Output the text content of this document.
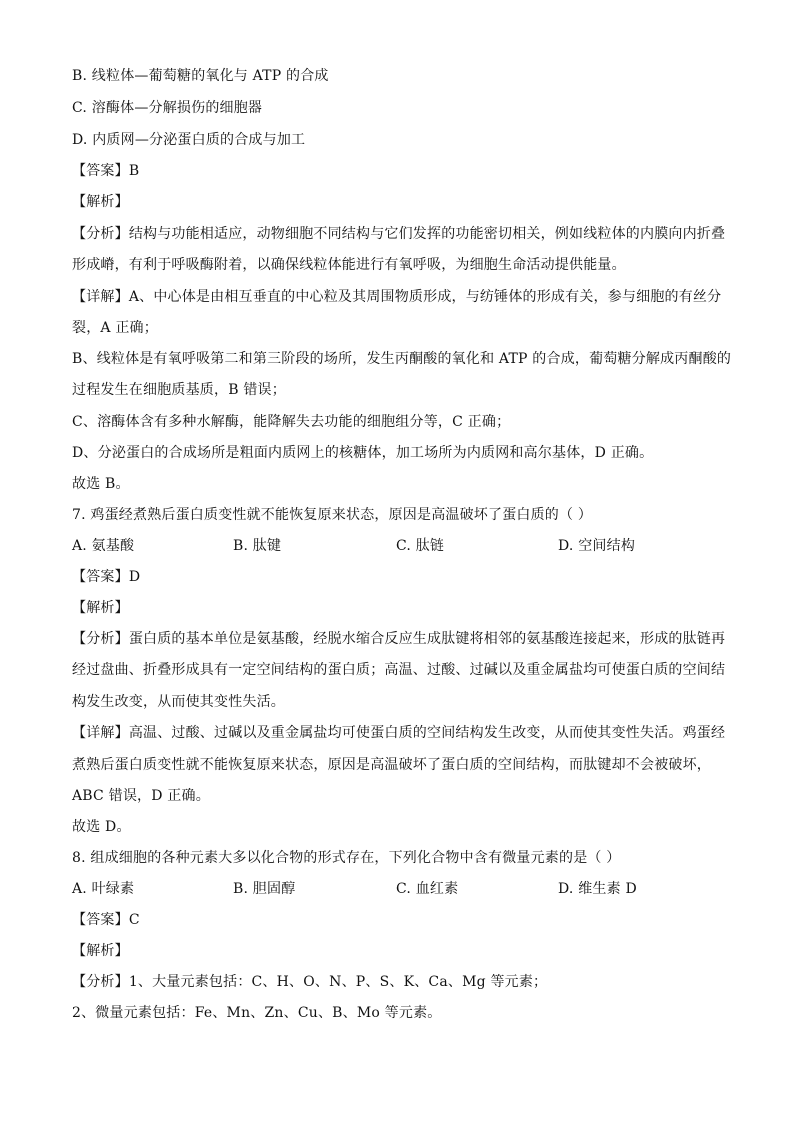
B. 线粒体—葡萄糖的氧化与 ATP 的合成
C. 溶酶体—分解损伤的细胞器
D. 内质网—分泌蛋白质的合成与加工
【答案】B
【解析】
【分析】结构与功能相适应，动物细胞不同结构与它们发挥的功能密切相关，例如线粒体的内膜向内折叠
形成嵴，有利于呼吸酶附着，以确保线粒体能进行有氧呼吸，为细胞生命活动提供能量。
【详解】A、中心体是由相互垂直的中心粒及其周围物质形成，与纺锤体的形成有关，参与细胞的有丝分
裂，A 正确；
B、线粒体是有氧呼吸第二和第三阶段的场所，发生丙酮酸的氧化和 ATP 的合成，葡萄糖分解成丙酮酸的
过程发生在细胞质基质，B 错误；
C、溶酶体含有多种水解酶，能降解失去功能的细胞组分等，C 正确；
D、分泌蛋白的合成场所是粗面内质网上的核糖体，加工场所为内质网和高尔基体，D 正确。
故选 B。
7. 鸡蛋经煮熟后蛋白质变性就不能恢复原来状态，原因是高温破坏了蛋白质的（ ）
A. 氨基酸	B. 肽键	C. 肽链	D. 空间结构
【答案】D
【解析】
【分析】蛋白质的基本单位是氨基酸，经脱水缩合反应生成肽键将相邻的氨基酸连接起来，形成的肽链再
经过盘曲、折叠形成具有一定空间结构的蛋白质；高温、过酸、过碱以及重金属盐均可使蛋白质的空间结
构发生改变，从而使其变性失活。
【详解】高温、过酸、过碱以及重金属盐均可使蛋白质的空间结构发生改变，从而使其变性失活。鸡蛋经
煮熟后蛋白质变性就不能恢复原来状态，原因是高温破坏了蛋白质的空间结构，而肽键却不会被破坏，
ABC 错误，D 正确。
故选 D。
8. 组成细胞的各种元素大多以化合物的形式存在，下列化合物中含有微量元素的是（ ）
A. 叶绿素	B. 胆固醇	C. 血红素	D. 维生素 D
【答案】C
【解析】
【分析】1、大量元素包括：C、H、O、N、P、S、K、Ca、Mg 等元素；
2、微量元素包括：Fe、Mn、Zn、Cu、B、Mo 等元素。
